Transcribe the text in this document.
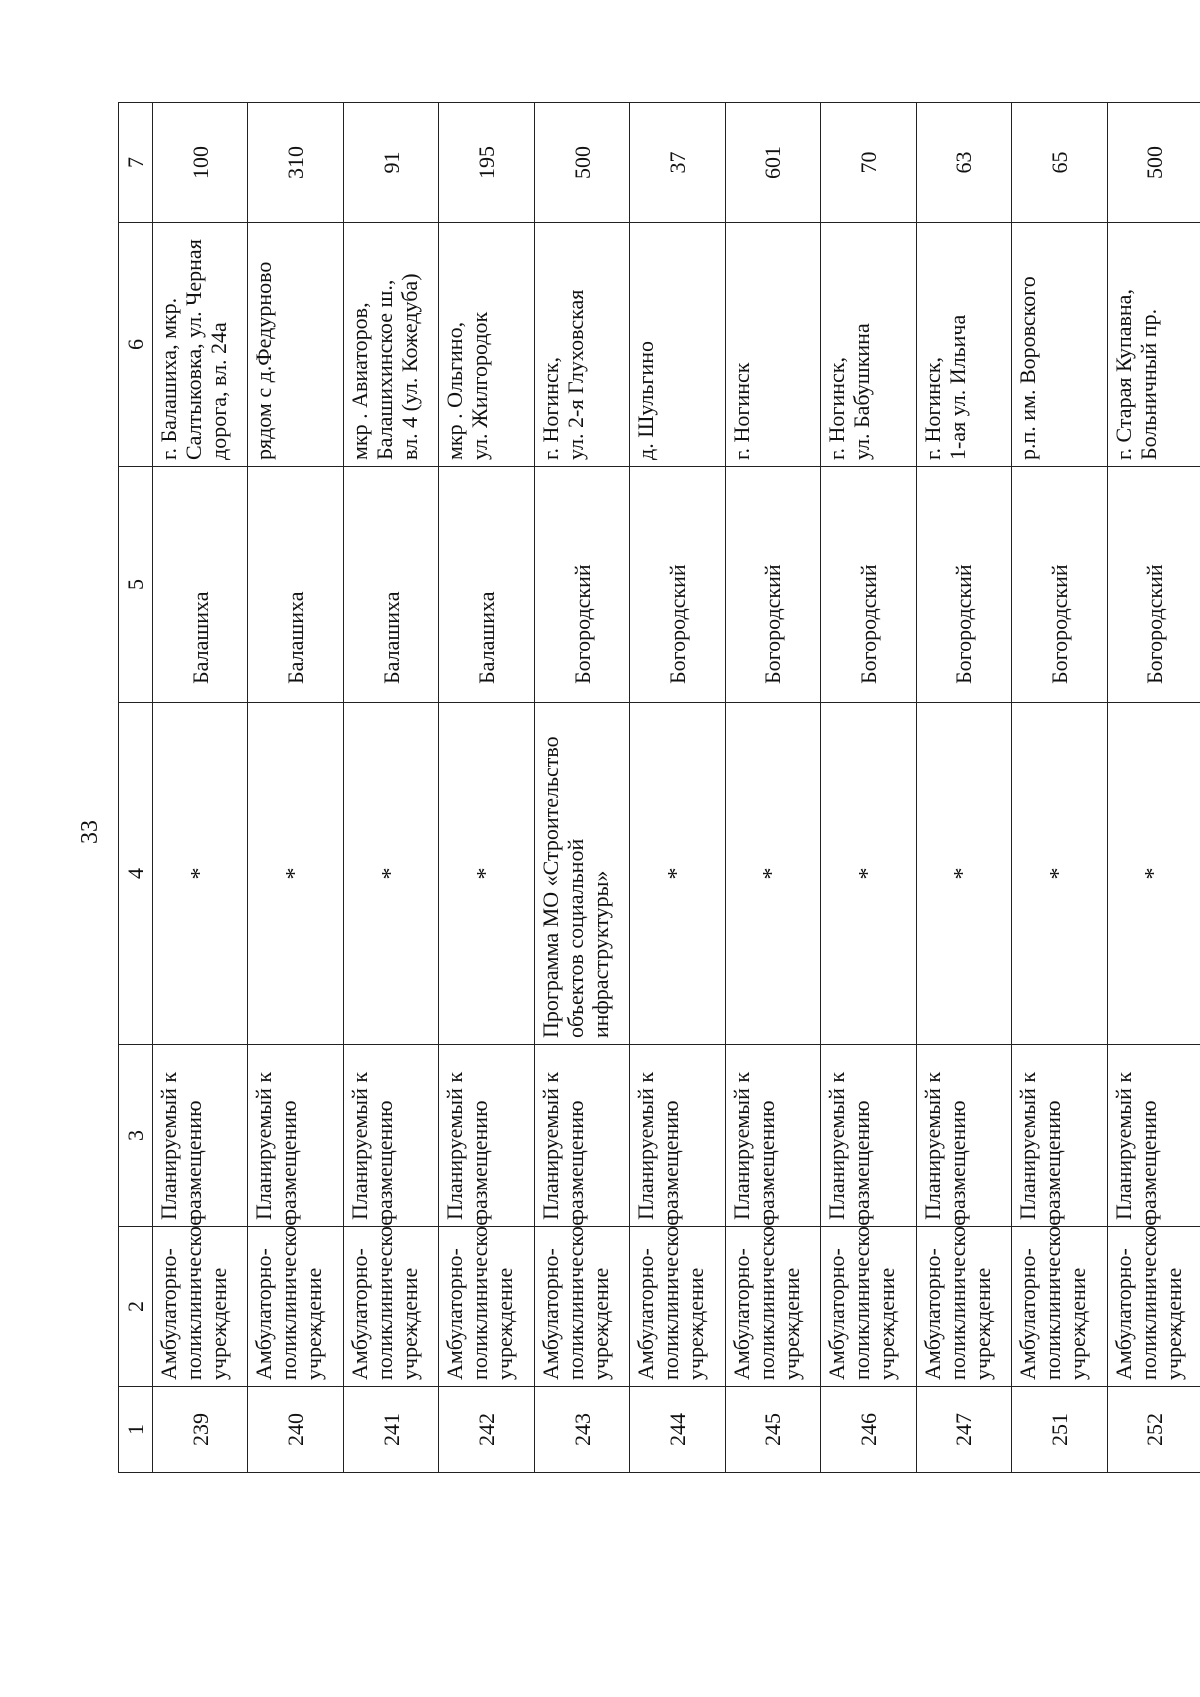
33
1	2	3	4	5	6	7
239	Амбулаторно-
поликлиническое
учреждение	Планируемый к
размещению	*	Балашиха	г. Балашиха, мкр.
Салтыковка, ул. Черная
дорога, вл. 24а	100
240	Амбулаторно-
поликлиническое
учреждение	Планируемый к
размещению	*	Балашиха	рядом с д.Федурново	310
241	Амбулаторно-
поликлиническое
учреждение	Планируемый к
размещению	*	Балашиха	мкр . Авиаторов,
Балашихинское ш.,
вл. 4 (ул. Кожедуба)	91
242	Амбулаторно-
поликлиническое
учреждение	Планируемый к
размещению	*	Балашиха	мкр . Ольгино,
ул. Жилгородок	195
243	Амбулаторно-
поликлиническое
учреждение	Планируемый к
размещению	Программа МО «Строительство
объектов социальной
инфраструктуры»	Богородский	г. Ногинск,
ул. 2-я Глуховская	500
244	Амбулаторно-
поликлиническое
учреждение	Планируемый к
размещению	*	Богородский	д. Шульгино	37
245	Амбулаторно-
поликлиническое
учреждение	Планируемый к
размещению	*	Богородский	г. Ногинск	601
246	Амбулаторно-
поликлиническое
учреждение	Планируемый к
размещению	*	Богородский	г. Ногинск,
ул. Бабушкина	70
247	Амбулаторно-
поликлиническое
учреждение	Планируемый к
размещению	*	Богородский	г. Ногинск,
1-ая ул. Ильича	63
251	Амбулаторно-
поликлиническое
учреждение	Планируемый к
размещению	*	Богородский	р.п. им. Воровского	65
252	Амбулаторно-
поликлиническое
учреждение	Планируемый к
размещению	*	Богородский	г. Старая Купавна,
Больничный пр.	500
